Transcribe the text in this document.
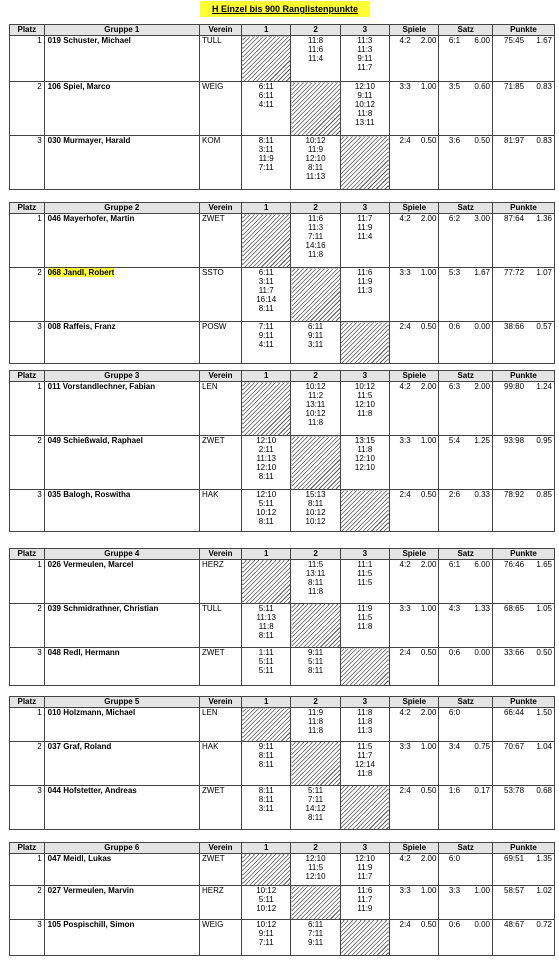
H Einzel bis 900 Ranglistenpunkte
Platz	Gruppe 1	Verein	1	2	3	Spiele		Satz		Punkte	
1	019 Schuster, Michael	TULL		11:8
11:6
11:4	11:3
11:3
9:11
11:7	4:2	2.00	6:1	6.00	75:45	1.67
2	106 Spiel, Marco	WEIG	6:11
6:11
4:11		12:10
9:11
10:12
11:8
13:11	3:3	1.00	3:5	0.60	71:85	0.83
3	030 Murmayer, Harald	KOM	8:11
3:11
11:9
7:11	10:12
11:9
12:10
8:11
11:13		2:4	0.50	3:6	0.50	81:97	0.83
Platz	Gruppe 2	Verein	1	2	3	Spiele		Satz		Punkte	
1	046 Mayerhofer, Martin	ZWET		11:6
11:3
7:11
14:16
11:8	11:7
11:9
11:4	4:2	2.00	6:2	3.00	87:64	1.36
2	068 Jandl, Robert	SSTO	6:11
3:11
11:7
16:14
8:11		11:6
11:9
11:3	3:3	1.00	5:3	1.67	77:72	1.07
3	008 Raffeis, Franz	POSW	7:11
9:11
4:11	6:11
9:11
3:11		2:4	0.50	0:6	0.00	38:66	0.57
Platz	Gruppe 3	Verein	1	2	3	Spiele		Satz		Punkte	
1	011 Vorstandlechner, Fabian	LEN		10:12
11:2
13:11
10:12
11:8	10:12
11:5
12:10
11:8	4:2	2.00	6:3	2.00	99:80	1.24
2	049 Schießwald, Raphael	ZWET	12:10
2:11
11:13
12:10
8:11		13:15
11:8
12:10
12:10	3:3	1.00	5:4	1.25	93:98	0.95
3	035 Balogh, Roswitha	HAK	12:10
5:11
10:12
8:11	15:13
8:11
10:12
10:12		2:4	0.50	2:6	0.33	78:92	0.85
Platz	Gruppe 4	Verein	1	2	3	Spiele		Satz		Punkte	
1	026 Vermeulen, Marcel	HERZ		11:5
13:11
8:11
11:8	11:1
11:5
11:5	4:2	2.00	6:1	6.00	76:46	1.65
2	039 Schmidrathner, Christian	TULL	5:11
11:13
11:8
8:11		11:9
11:5
11:8	3:3	1.00	4:3	1.33	68:65	1.05
3	048 Redl, Hermann	ZWET	1:11
5:11
5:11	9:11
5:11
8:11		2:4	0.50	0:6	0.00	33:66	0.50
Platz	Gruppe 5	Verein	1	2	3	Spiele		Satz		Punkte	
1	010 Holzmann, Michael	LEN		11:9
11:8
11:8	11:8
11:8
11:3	4:2	2.00	6:0		66:44	1.50
2	037 Graf, Roland	HAK	9:11
8:11
8:11		11:5
11:7
12:14
11:8	3:3	1.00	3:4	0.75	70:67	1.04
3	044 Hofstetter, Andreas	ZWET	8:11
8:11
3:11	5:11
7:11
14:12
8:11		2:4	0.50	1:6	0.17	53:78	0.68
Platz	Gruppe 6	Verein	1	2	3	Spiele		Satz		Punkte	
1	047 Meidl, Lukas	ZWET		12:10
11:5
12:10	12:10
11:9
11:7	4:2	2.00	6:0		69:51	1.35
2	027 Vermeulen, Marvin	HERZ	10:12
5:11
10:12		11:6
11:7
11:9	3:3	1.00	3:3	1.00	58:57	1.02
3	105 Pospischill, Simon	WEIG	10:12
9:11
7:11	6:11
7:11
9:11		2:4	0.50	0:6	0.00	48:67	0.72
